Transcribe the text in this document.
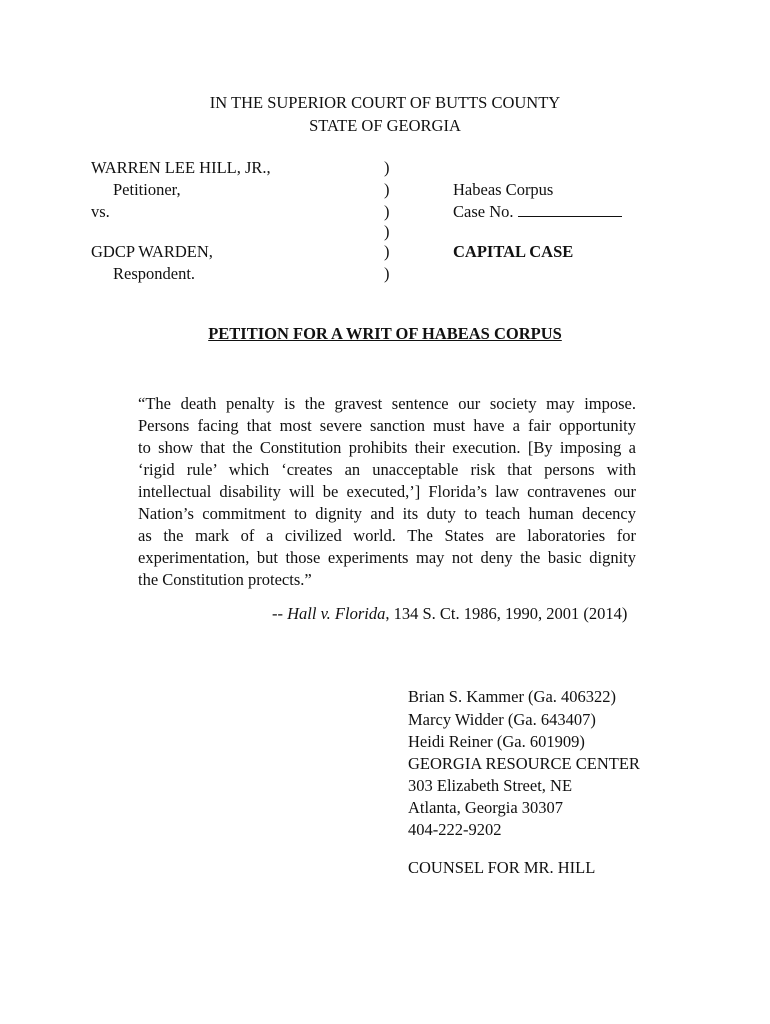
IN THE SUPERIOR COURT OF BUTTS COUNTY
STATE OF GEORGIA
WARREN LEE HILL, JR.,
Petitioner,
vs.
GDCP WARDEN,
Respondent.
)
)
)
)
)
)
Habeas Corpus
Case No.
CAPITAL CASE
PETITION FOR A WRIT OF HABEAS CORPUS
“The death penalty is the gravest sentence our society may impose.
Persons facing that most severe sanction must have a fair opportunity
to show that the Constitution prohibits their execution. [By imposing a
‘rigid rule’ which ‘creates an unacceptable risk that persons with
intellectual disability will be executed,’] Florida’s law contravenes our
Nation’s commitment to dignity and its duty to teach human decency
as the mark of a civilized world. The States are laboratories for
experimentation, but those experiments may not deny the basic dignity
the Constitution protects.”
-- Hall v. Florida, 134 S. Ct. 1986, 1990, 2001 (2014)
Brian S. Kammer (Ga. 406322)
Marcy Widder (Ga. 643407)
Heidi Reiner (Ga. 601909)
GEORGIA RESOURCE CENTER
303 Elizabeth Street, NE
Atlanta, Georgia 30307
404-222-9202
COUNSEL FOR MR. HILL
